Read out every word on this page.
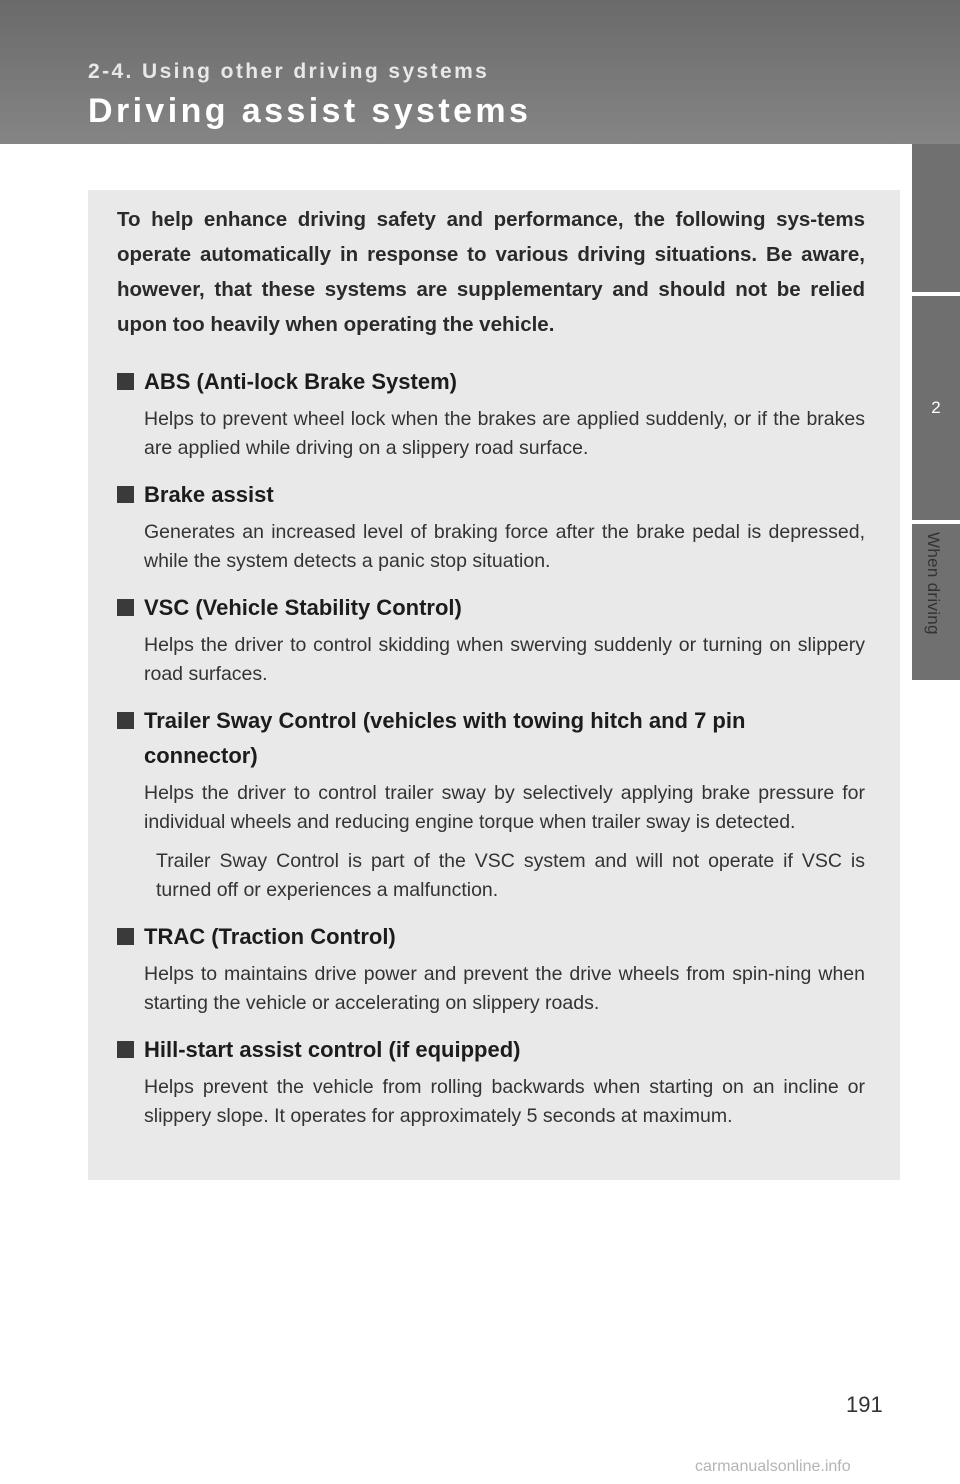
2-4. Using other driving systems

Driving assist systems
2
When driving

To help enhance driving safety and performance, the following sys-tems operate automatically in response to various driving situations. Be aware, however, that these systems are supplementary and should not be relied upon too heavily when operating the vehicle.

ABS (Anti-lock Brake System)

Helps to prevent wheel lock when the brakes are applied suddenly, or if the brakes are applied while driving on a slippery road surface.

Brake assist

Generates an increased level of braking force after the brake pedal is depressed, while the system detects a panic stop situation.

VSC (Vehicle Stability Control)

Helps the driver to control skidding when swerving suddenly or turning on slippery road surfaces.

Trailer Sway Control (vehicles with towing hitch and 7 pin connector)

Helps the driver to control trailer sway by selectively applying brake pressure for individual wheels and reducing engine torque when trailer sway is detected.

Trailer Sway Control is part of the VSC system and will not operate if VSC is turned off or experiences a malfunction.

TRAC (Traction Control)

Helps to maintains drive power and prevent the drive wheels from spin-ning when starting the vehicle or accelerating on slippery roads.

Hill-start assist control (if equipped)

Helps prevent the vehicle from rolling backwards when starting on an incline or slippery slope. It operates for approximately 5 seconds at maximum.

191
carmanualsonline.info
